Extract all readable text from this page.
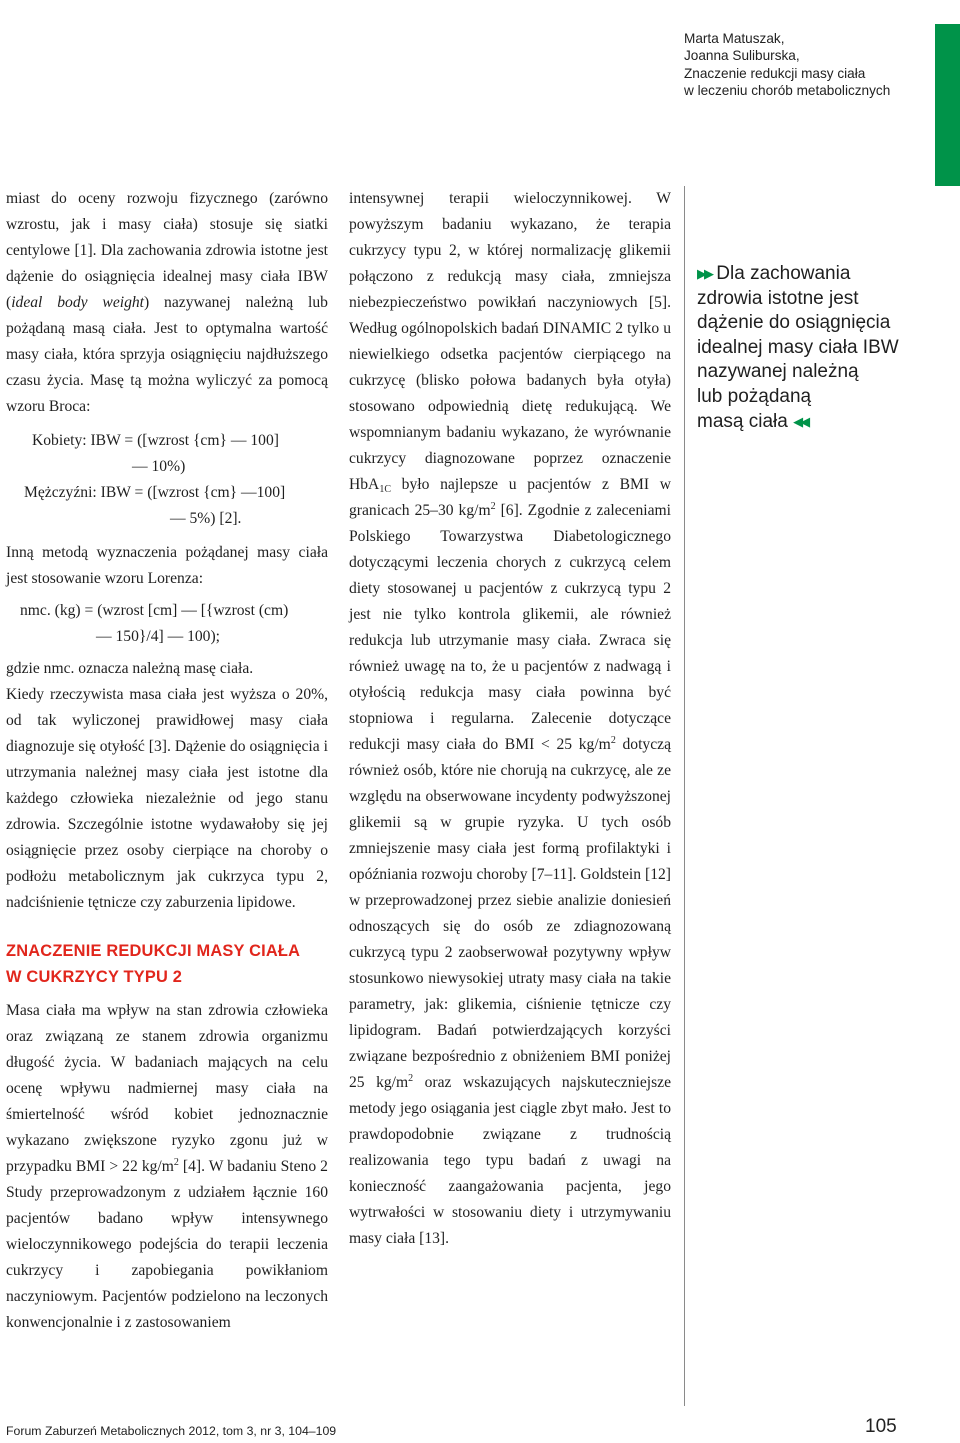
Marta Matuszak,
Joanna Suliburska,
Znaczenie redukcji masy ciała
w leczeniu chorób metabolicznych

miast do oceny rozwoju fizycznego (zarówno wzrostu, jak i masy ciała) stosuje się siatki centylowe [1]. Dla zachowania zdrowia istotne jest dążenie do osiągnięcia idealnej masy ciała IBW (ideal body weight) nazywanej należną lub pożądaną masą ciała. Jest to optymalna wartość masy ciała, która sprzyja osiągnięciu najdłuższego czasu życia. Masę tą można wyliczyć za pomocą wzoru Broca:

Kobiety: IBW = ([wzrost {cm} — 100]
— 10%)
Mężczyźni: IBW = ([wzrost {cm} —100]
— 5%) [2].

Inną metodą wyznaczenia pożądanej masy ciała jest stosowanie wzoru Lorenza:

nmc. (kg) = (wzrost [cm] — [{wzrost (cm)
— 150}/4] — 100);

gdzie nmc. oznacza należną masę ciała.

Kiedy rzeczywista masa ciała jest wyższa o 20%, od tak wyliczonej prawidłowej masy ciała diagnozuje się otyłość [3]. Dążenie do osiągnięcia i utrzymania należnej masy ciała jest istotne dla każdego człowieka niezależnie od jego stanu zdrowia. Szczególnie istotne wydawałoby się jej osiągnięcie przez osoby cierpiące na choroby o podłożu metabolicznym jak cukrzyca typu 2, nadciśnienie tętnicze czy zaburzenia lipidowe.

ZNACZENIE REDUKCJI MASY CIAŁA
W CUKRZYCY TYPU 2

Masa ciała ma wpływ na stan zdrowia człowieka oraz związaną ze stanem zdrowia organizmu długość życia. W badaniach mających na celu ocenę wpływu nadmiernej masy ciała na śmiertelność wśród kobiet jednoznacznie wykazano zwiększone ryzyko zgonu już w przypadku BMI > 22 $kg/m^2$ [4]. W badaniu Steno 2 Study przeprowadzonym z udziałem łącznie 160 pacjentów badano wpływ intensywnego wieloczynnikowego podejścia do terapii leczenia cukrzycy i zapobiegania powikłaniom naczyniowym. Pacjentów podzielono na leczonych konwencjonalnie i z zastosowaniem

intensywnej terapii wieloczynnikowej. W powyższym badaniu wykazano, że terapia cukrzycy typu 2, w której normalizację glikemii połączono z redukcją masy ciała, zmniejsza niebezpieczeństwo powikłań naczyniowych [5]. Według ogólnopolskich badań DINAMIC 2 tylko u niewielkiego odsetka pacjentów cierpiącego na cukrzycę (blisko połowa badanych była otyła) stosowano odpowiednią dietę redukującą. We wspomnianym badaniu wykazano, że wyrównanie cukrzycy diagnozowane poprzez oznaczenie HbA$_{1C}$ było najlepsze u pacjentów z BMI w granicach 25–30 $kg/m^2$ [6]. Zgodnie z zaleceniami Polskiego Towarzystwa Diabetologicznego dotyczącymi leczenia chorych z cukrzycą celem diety stosowanej u pacjentów z cukrzycą typu 2 jest nie tylko kontrola glikemii, ale również redukcja lub utrzymanie masy ciała. Zwraca się również uwagę na to, że u pacjentów z nadwagą i otyłością redukcja masy ciała powinna być stopniowa i regularna. Zalecenie dotyczące redukcji masy ciała do BMI < 25 $kg/m^2$ dotyczą również osób, które nie chorują na cukrzycę, ale ze względu na obserwowane incydenty podwyższonej glikemii są w grupie ryzyka. U tych osób zmniejszenie masy ciała jest formą profilaktyki i opóźniania rozwoju choroby [7–11]. Goldstein [12] w przeprowadzonej przez siebie analizie doniesień odnoszących się do osób ze zdiagnozowaną cukrzycą typu 2 zaobserwował pozytywny wpływ stosunkowo niewysokiej utraty masy ciała na takie parametry, jak: glikemia, ciśnienie tętnicze czy lipidogram. Badań potwierdzających korzyści związane bezpośrednio z obniżeniem BMI poniżej 25 $kg/m^2$ oraz wskazujących najskuteczniejsze metody jego osiągania jest ciągle zbyt mało. Jest to prawdopodobnie związane z trudnością realizowania tego typu badań z uwagi na konieczność zaangażowania pacjenta, jego wytrwałości w stosowaniu diety i utrzymywaniu masy ciała [13].

▶▶ Dla zachowania
zdrowia istotne jest
dążenie do osiągnięcia
idealnej masy ciała IBW
nazywanej należną
lub pożądaną
masą ciała ◀◀
Forum Zaburzeń Metabolicznych 2012, tom 3, nr 3, 104–109	105
